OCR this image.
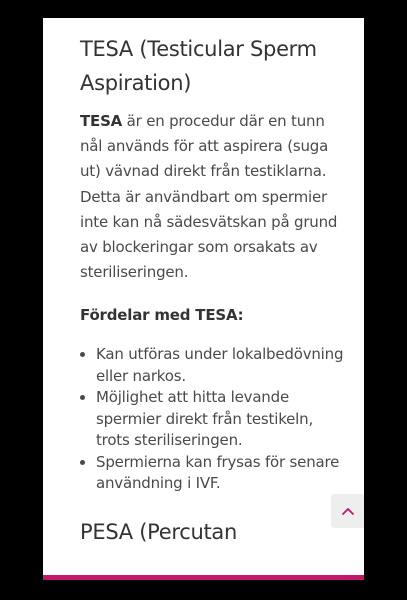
TESA (Testicular Sperm Aspiration)

TESA är en procedur där en tunn nål används för att aspirera (suga ut) vävnad direkt från testiklarna. Detta är användbart om spermier inte kan nå sädesvätskan på grund av blockeringar som orsakats av steriliseringen.

Fördelar med TESA:

• Kan utföras under lokalbedövning eller narkos.
• Möjlighet att hitta levande spermier direkt från testikeln, trots steriliseringen.
• Spermierna kan frysas för senare användning i IVF.
PESA (Percutan
